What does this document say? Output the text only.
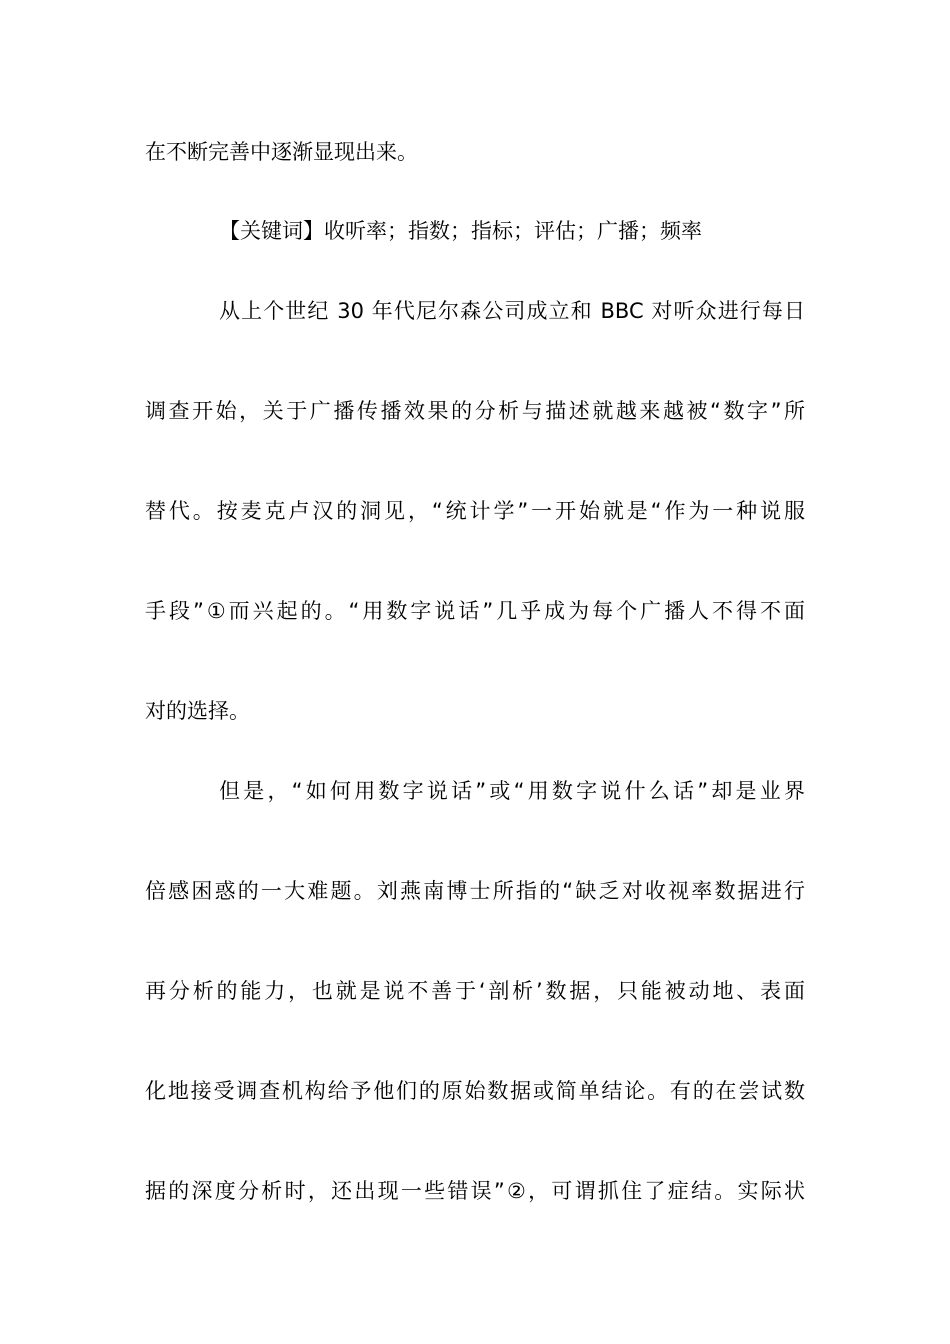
在不断完善中逐渐显现出来。
【关键词】收听率；指数；指标；评估；广播；频率
从上个世纪 30 年代尼尔森公司成立和 BBC 对听众进行每日
调查开始，关于广播传播效果的分析与描述就越来越被“数字”所
替代。按麦克卢汉的洞见，“统计学”一开始就是“作为一种说服
手段”①而兴起的。“用数字说话”几乎成为每个广播人不得不面
对的选择。
但是，“如何用数字说话”或“用数字说什么话”却是业界
倍感困惑的一大难题。刘燕南博士所指的“缺乏对收视率数据进行
再分析的能力，也就是说不善于‘剖析’数据，只能被动地、表面
化地接受调查机构给予他们的原始数据或简单结论。有的在尝试数
据的深度分析时，还出现一些错误”②，可谓抓住了症结。实际状
